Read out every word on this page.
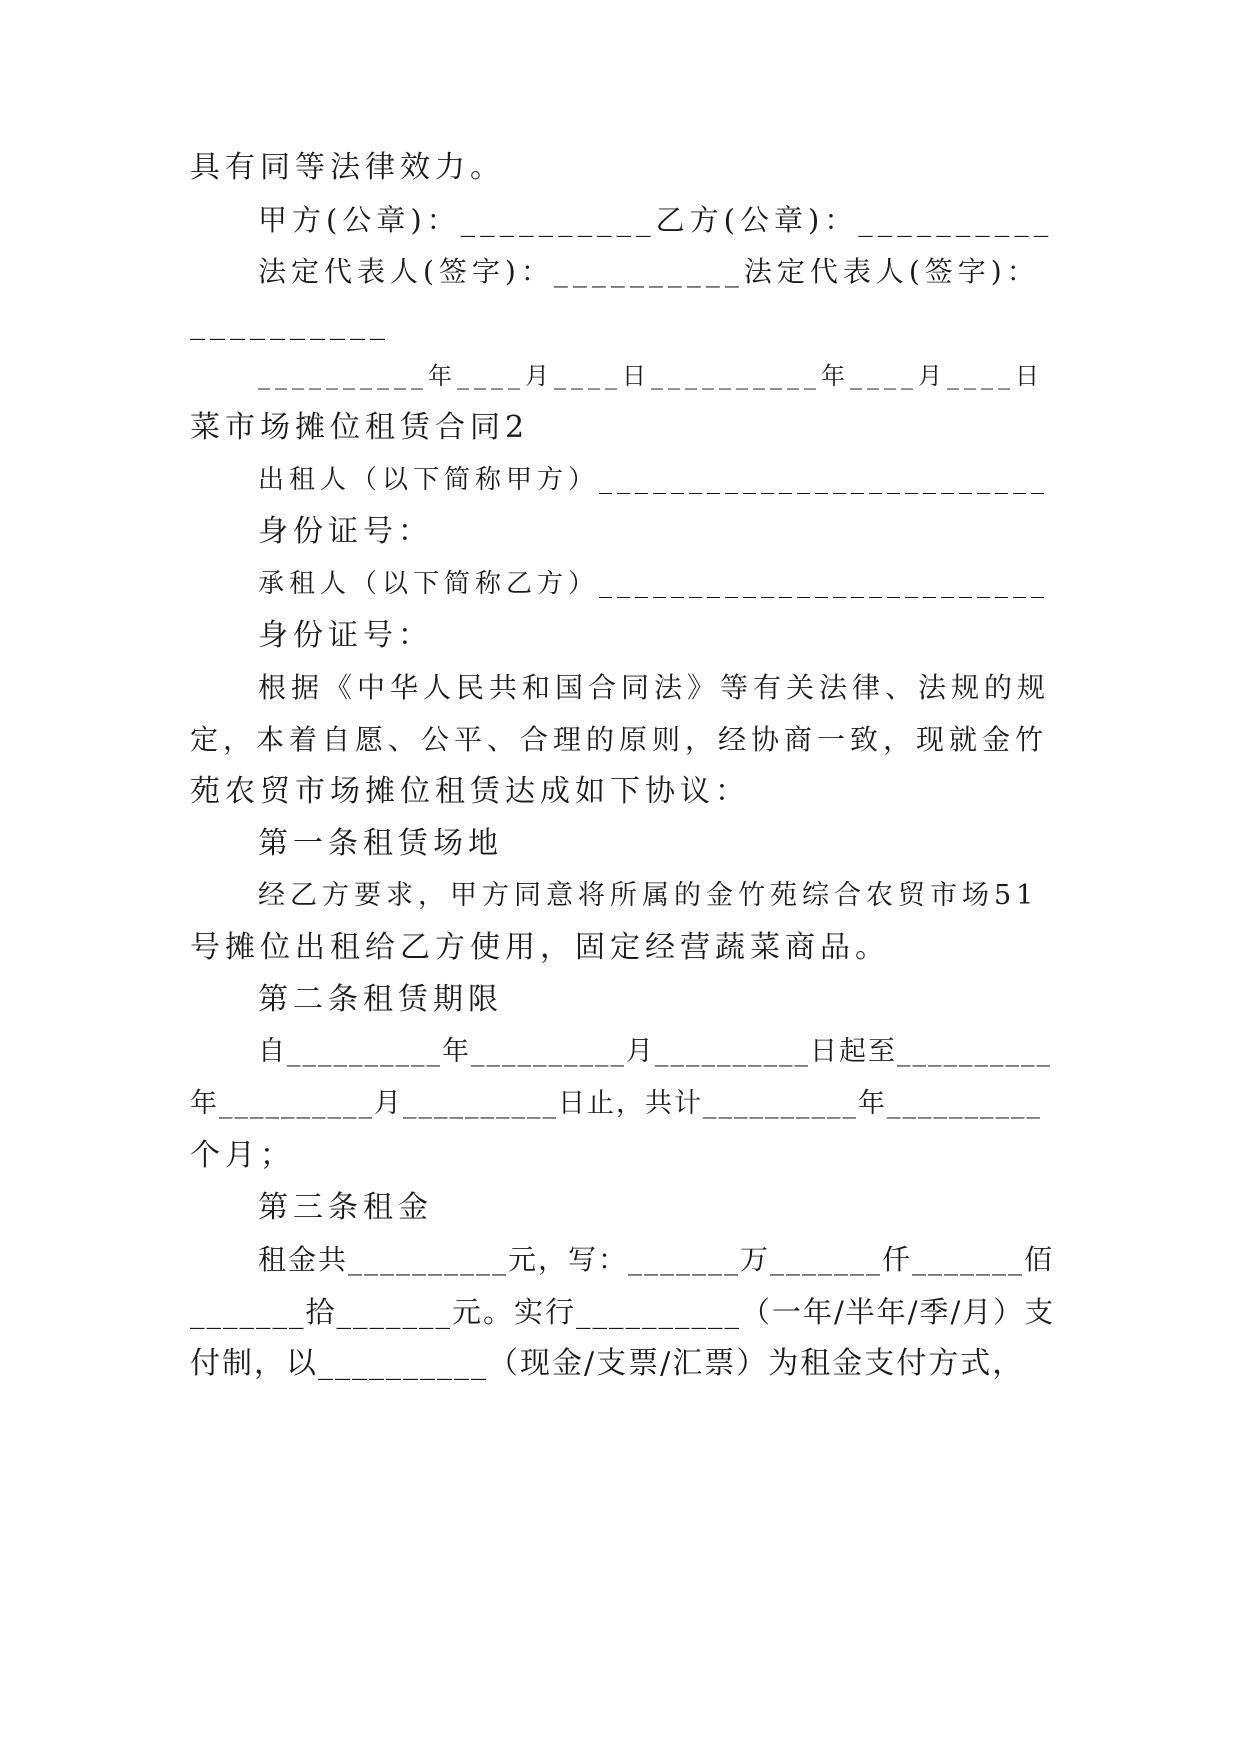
具有同等法律效力。
甲方(公章)：__________乙方(公章)：__________
法定代表人(签字)：__________法定代表人(签字)：
__________
__________年____月____日__________年____月____日
菜市场摊位租赁合同2
出租人（以下简称甲方）_________________________
身份证号：
承租人（以下简称乙方）_________________________
身份证号：
根据《中华人民共和国合同法》等有关法律、法规的规
定，本着自愿、公平、合理的原则，经协商一致，现就金竹
苑农贸市场摊位租赁达成如下协议：
第一条租赁场地
经乙方要求，甲方同意将所属的金竹苑综合农贸市场51
号摊位出租给乙方使用，固定经营蔬菜商品。
第二条租赁期限
自__________年__________月__________日起至__________
年__________月__________日止，共计__________年__________
个月；
第三条租金
租金共__________元，写：_______万_______仟_______佰
_______拾_______元。实行__________（一年/半年/季/月）支
付制，以__________（现金/支票/汇票）为租金支付方式，
